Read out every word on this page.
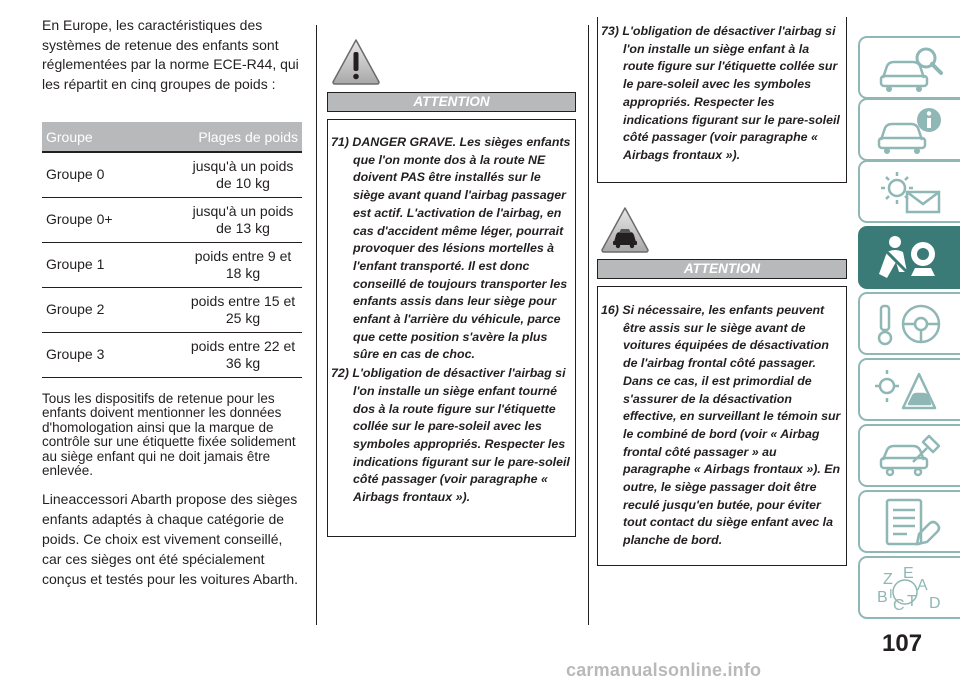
En Europe, les caractéristiques des systèmes de retenue des enfants sont réglementées par la norme ECE-R44, qui les répartit en cinq groupes de poids :

Groupe	Plages de poids
Groupe 0	jusqu'à un poids de 10 kg
Groupe 0+	jusqu'à un poids de 13 kg
Groupe 1	poids entre 9 et 18 kg
Groupe 2	poids entre 15 et 25 kg
Groupe 3	poids entre 22 et 36 kg

Tous les dispositifs de retenue pour les enfants doivent mentionner les données d'homologation ainsi que la marque de contrôle sur une étiquette fixée solidement au siège enfant qui ne doit jamais être enlevée.

Lineaccessori Abarth propose des sièges enfants adaptés à chaque catégorie de poids. Ce choix est vivement conseillé, car ces sièges ont été spécialement conçus et testés pour les voitures Abarth.

ATTENTION
71) DANGER GRAVE. Les sièges enfants que l'on monte dos à la route NE doivent PAS être installés sur le siège avant quand l'airbag passager est actif. L'activation de l'airbag, en cas d'accident même léger, pourrait provoquer des lésions mortelles à l'enfant transporté. Il est donc conseillé de toujours transporter les enfants assis dans leur siège pour enfant à l'arrière du véhicule, parce que cette position s'avère la plus sûre en cas de choc.
72) L'obligation de désactiver l'airbag si l'on installe un siège enfant tourné dos à la route figure sur l'étiquette collée sur le pare-soleil avec les symboles appropriés. Respecter les indications figurant sur le pare-soleil côté passager (voir paragraphe « Airbags frontaux »).
73) L'obligation de désactiver l'airbag si l'on installe un siège enfant à la route figure sur l'étiquette collée sur le pare-soleil avec les symboles appropriés. Respecter les indications figurant sur le pare-soleil côté passager (voir paragraphe « Airbags frontaux »).
ATTENTION
16) Si nécessaire, les enfants peuvent être assis sur le siège avant de voitures équipées de désactivation de l'airbag frontal côté passager. Dans ce cas, il est primordial de s'assurer de la désactivation effective, en surveillant le témoin sur le combiné de bord (voir « Airbag frontal côté passager » au paragraphe « Airbags frontaux »). En outre, le siège passager doit être reculé jusqu'en butée, pour éviter tout contact du siège enfant avec la planche de bord.
Z E
A
B C T D
I
107
carmanualsonline.info
